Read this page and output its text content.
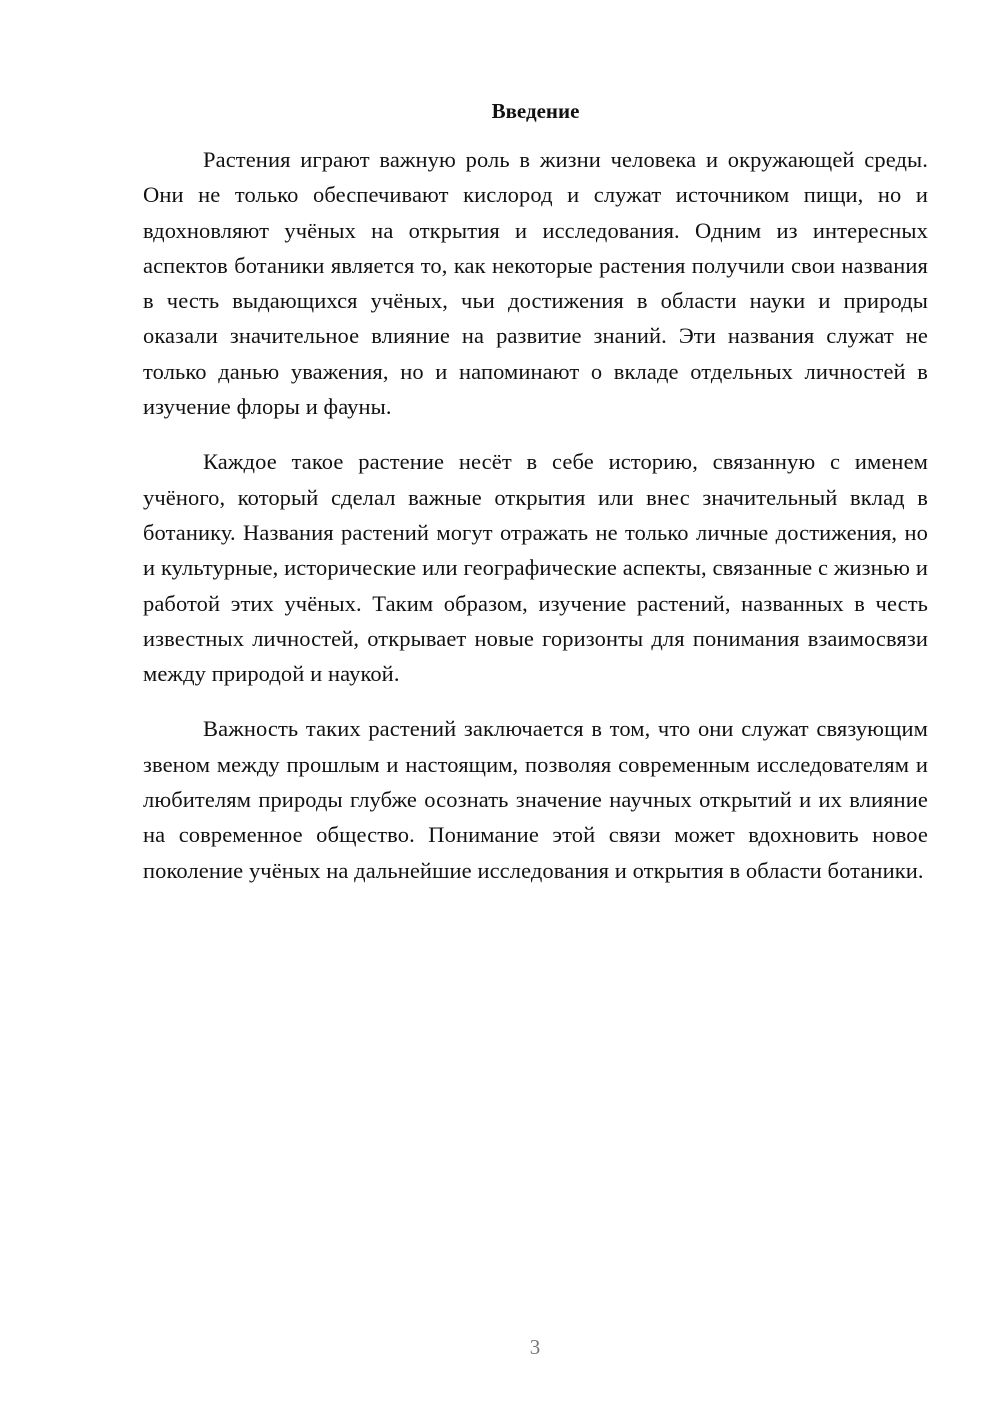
Введение

Растения играют важную роль в жизни человека и окружающей среды. Они не только обеспечивают кислород и служат источником пищи, но и вдохновляют учёных на открытия и исследования. Одним из интересных аспектов ботаники является то, как некоторые растения получили свои названия в честь выдающихся учёных, чьи достижения в области науки и природы оказали значительное влияние на развитие знаний. Эти названия служат не только данью уважения, но и напоминают о вкладе отдельных личностей в изучение флоры и фауны.

Каждое такое растение несёт в себе историю, связанную с именем учёного, который сделал важные открытия или внес значительный вклад в ботанику. Названия растений могут отражать не только личные достижения, но и культурные, исторические или географические аспекты, связанные с жизнью и работой этих учёных. Таким образом, изучение растений, названных в честь известных личностей, открывает новые горизонты для понимания взаимосвязи между природой и наукой.

Важность таких растений заключается в том, что они служат связующим звеном между прошлым и настоящим, позволяя современным исследователям и любителям природы глубже осознать значение научных открытий и их влияние на современное общество. Понимание этой связи может вдохновить новое поколение учёных на дальнейшие исследования и открытия в области ботаники.

3
